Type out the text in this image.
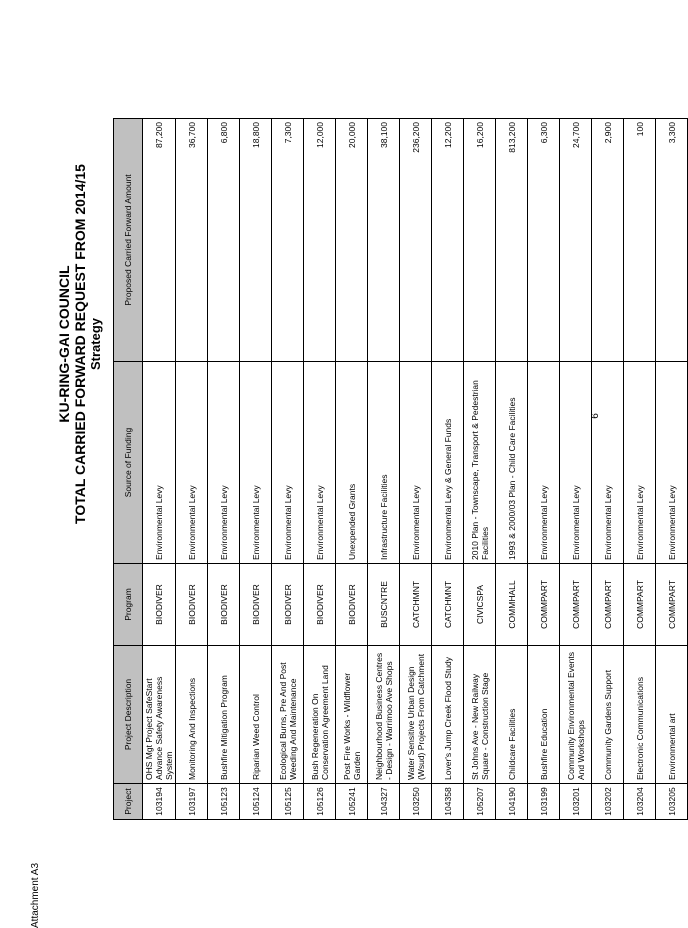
Attachment A3
KU-RING-GAI COUNCIL TOTAL CARRIED FORWARD REQUEST FROM 2014/15 Strategy
Project	Project Description	Program	Source of Funding	Proposed Carried Forward Amount
103194	OHS Mgt Project SafeStart Advance Safety Awareness System	BIODIVER	Environmental Levy	87,200
103197	Monitoring And Inspections	BIODIVER	Environmental Levy	36,700
105123	Bushfire Mitigation Program	BIODIVER	Environmental Levy	6,800
105124	Riparian Weed Control	BIODIVER	Environmental Levy	18,800
105125	Ecological Burns, Pre And Post Weeding And Maintenance	BIODIVER	Environmental Levy	7,300
105126	Bush Regeneration On Conservation Agreement Land	BIODIVER	Environmental Levy	12,000
105241	Post Fire Works - Wildflower Garden	BIODIVER	Unexpended Grants	20,000
104327	Neighbourhood Business Centres - Design - Warrimoo Ave Shops	BUSCNTRE	Infrastructure Facilities	38,100
103250	Water Sensitive Urban Design (Wsud) Projects From Catchment	CATCHMNT	Environmental Levy	236,200
104358	Lover's Jump Creek Flood Study	CATCHMNT	Environmental Levy & General Funds	12,200
105207	St Johns Ave - New Railway Square - Construction Stage	CIVICSPA	2010 Plan - Townscape, Transport & Pedestrian Facilities	16,200
104190	Childcare Facilities	COMMHALL	1993 & 2000/03 Plan - Child Care Facilities	813,200
103199	Bushfire Education	COMMPART	Environmental Levy	6,300
103201	Community Environmental Events And Workshops	COMMPART	Environmental Levy	24,700
103202	Community Gardens Support	COMMPART	Environmental Levy	2,900
103204	Electronic Communications	COMMPART	Environmental Levy	100
103205	Environmental art	COMMPART	Environmental Levy	3,300
6
